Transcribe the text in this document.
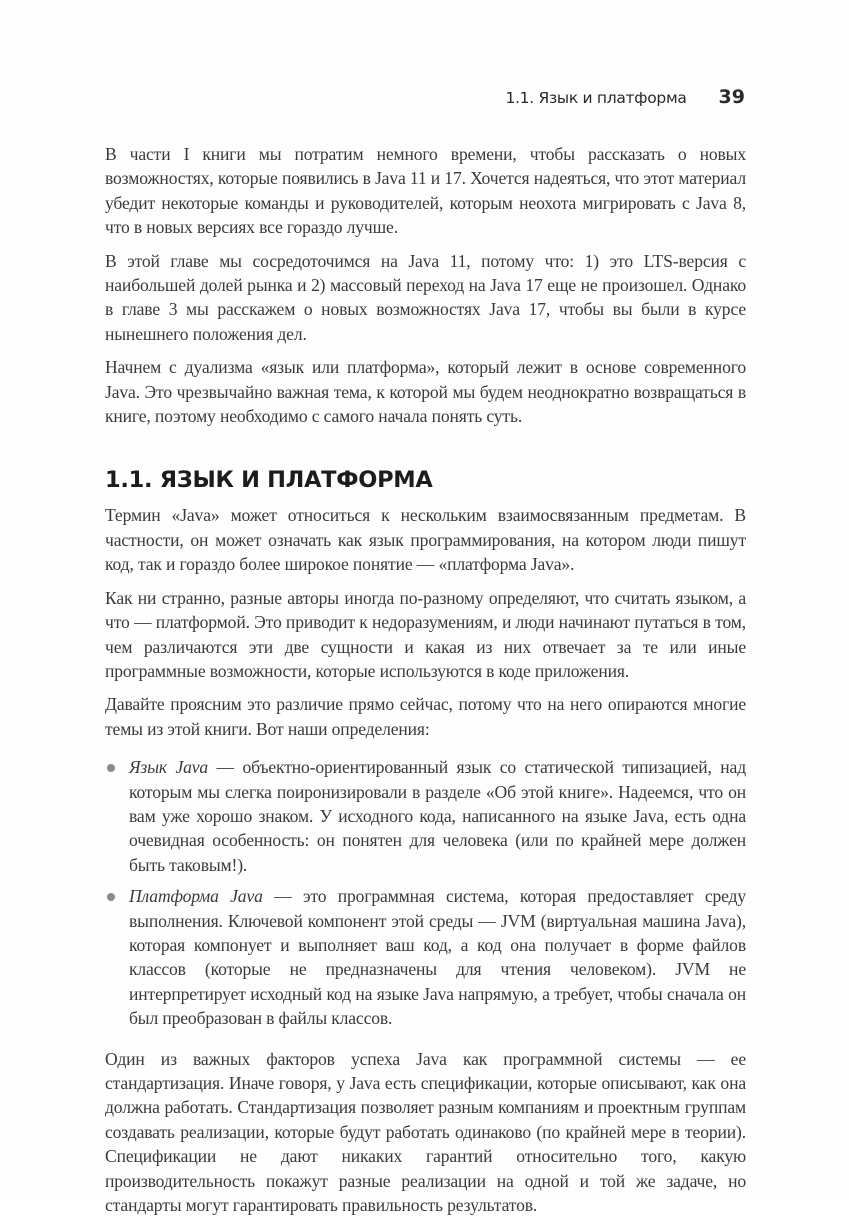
1.1. Язык и платформа 39

В части I книги мы потратим немного времени, чтобы рассказать о новых возможностях, которые появились в Java 11 и 17. Хочется надеяться, что этот материал убедит некоторые команды и руководителей, которым неохота мигрировать с Java 8, что в новых версиях все гораздо лучше.

В этой главе мы сосредоточимся на Java 11, потому что: 1) это LTS-версия с наибольшей долей рынка и 2) массовый переход на Java 17 еще не произошел. Однако в главе 3 мы расскажем о новых возможностях Java 17, чтобы вы были в курсе нынешнего положения дел.

Начнем с дуализма «язык или платформа», который лежит в основе современного Java. Это чрезвычайно важная тема, к которой мы будем неоднократно возвращаться в книге, поэтому необходимо с самого начала понять суть.

1.1. ЯЗЫК И ПЛАТФОРМА

Термин «Java» может относиться к нескольким взаимосвязанным предметам. В частности, он может означать как язык программирования, на котором люди пишут код, так и гораздо более широкое понятие — «платформа Java».

Как ни странно, разные авторы иногда по-разному определяют, что считать языком, а что — платформой. Это приводит к недоразумениям, и люди начинают путаться в том, чем различаются эти две сущности и какая из них отвечает за те или иные программные возможности, которые используются в коде приложения.

Давайте проясним это различие прямо сейчас, потому что на него опираются многие темы из этой книги. Вот наши определения:

Язык Java — объектно-ориентированный язык со статической типизацией, над которым мы слегка поиронизировали в разделе «Об этой книге». Надеемся, что он вам уже хорошо знаком. У исходного кода, написанного на языке Java, есть одна очевидная особенность: он понятен для человека (или по крайней мере должен быть таковым!).
Платформа Java — это программная система, которая предоставляет среду выполнения. Ключевой компонент этой среды — JVM (виртуальная машина Java), которая компонует и выполняет ваш код, а код она получает в форме файлов классов (которые не предназначены для чтения человеком). JVM не интерпретирует исходный код на языке Java напрямую, а требует, чтобы сначала он был преобразован в файлы классов.

Один из важных факторов успеха Java как программной системы — ее стандартизация. Иначе говоря, у Java есть спецификации, которые описывают, как она должна работать. Стандартизация позволяет разным компаниям и проектным группам создавать реализации, которые будут работать одинаково (по крайней мере в теории). Спецификации не дают никаких гарантий относительно того, какую производительность покажут разные реализации на одной и той же задаче, но стандарты могут гарантировать правильность результатов.
